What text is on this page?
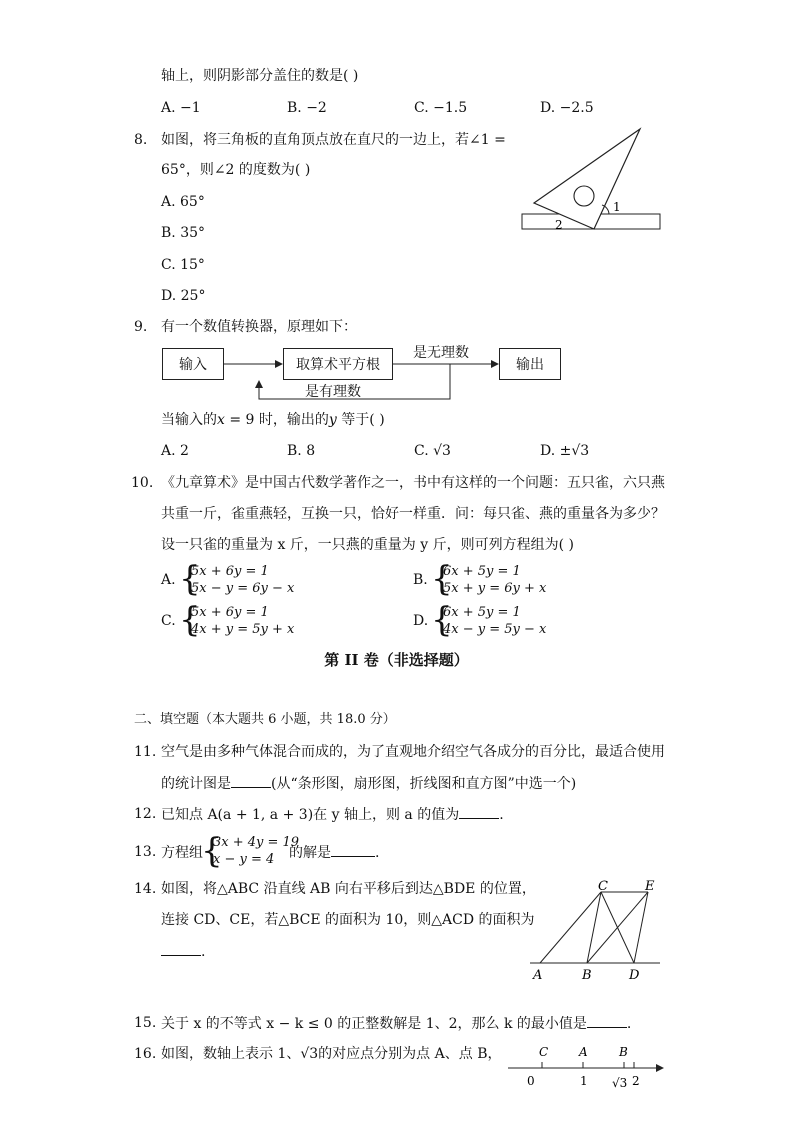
轴上，则阴影部分盖住的数是( )
A. −1	B. −2	C. −1.5	D. −2.5
8. 如图，将三角板的直角顶点放在直尺的一边上，若∠1 =
65°，则∠2 的度数为( )
A. 65°
B. 35°
C. 15°
D. 25°
1
2
9. 有一个数值转换器，原理如下：
输入	取算术平方根	输出
是无理数
是有理数
当输入的x = 9 时，输出的y 等于( )
A. 2	B. 8	C. √3	D. ±√3
10. 《九章算术》是中国古代数学著作之一，书中有这样的一个问题：五只雀，六只燕
共重一斤，雀重燕轻，互换一只，恰好一样重．问：每只雀、燕的重量各为多少？
设一只雀的重量为 x 斤，一只燕的重量为 y 斤，则可列方程组为( )
A. {
5x + 6y = 1
5x − y = 6y − x
B. {
6x + 5y = 1
5x + y = 6y + x
C. {
5x + 6y = 1
4x + y = 5y + x
D. {
6x + 5y = 1
4x − y = 5y − x
第 II 卷（非选择题）
二、填空题（本大题共 6 小题，共 18.0 分）
11. 空气是由多种气体混合而成的，为了直观地介绍空气各成分的百分比，最适合使用
的统计图是	(从“条形图，扇形图，折线图和直方图”中选一个)
12. 已知点 A(a + 1, a + 3)在 y 轴上，则 a 的值为	.
13. 方程组
{
3x + 4y = 19
x − y = 4 的解是	.
14. 如图，将△ABC 沿直线 AB 向右平移后到达△BDE 的位置，
连接 CD、CE，若△BCE 的面积为 10，则△ACD 的面积为
.
A	B	D
C	E
15. 关于 x 的不等式 x − k ≤ 0 的正整数解是 1、2，那么 k 的最小值是	.
16. 如图，数轴上表示 1、√3的对应点分别为点 A、点 B，	C	A	B
0	1 √3 2
